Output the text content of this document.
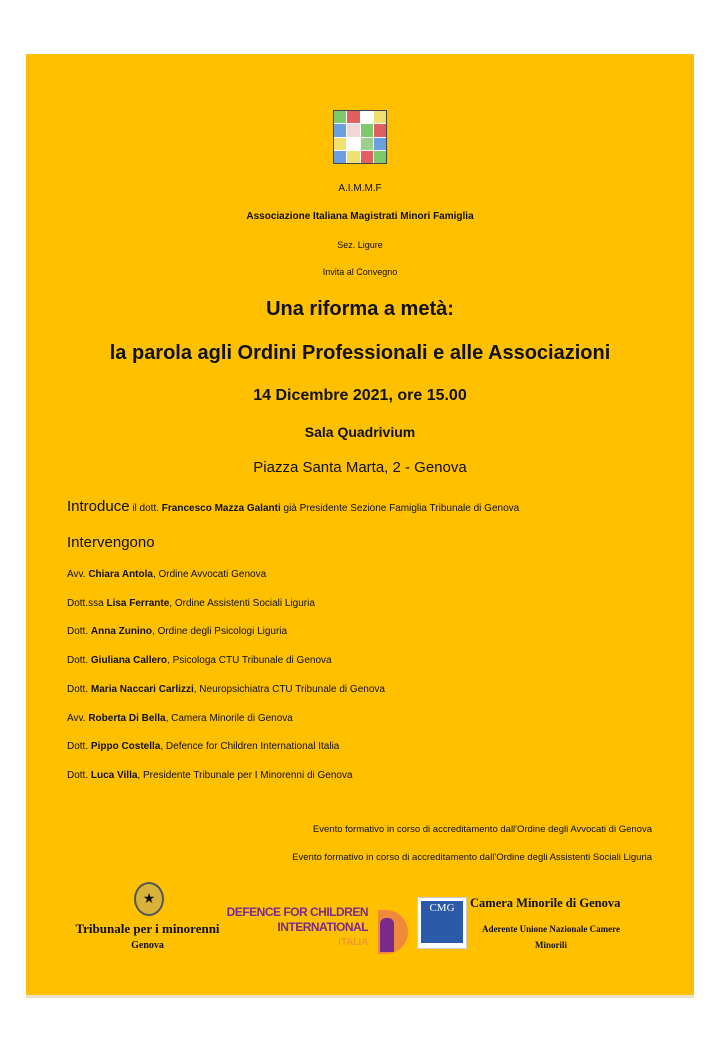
A.I.M.M.F
Associazione Italiana Magistrati Minori Famiglia
Sez. Ligure
Invita al Convegno
Una riforma a metà:
la parola agli Ordini Professionali e alle Associazioni
14 Dicembre 2021, ore 15.00
Sala Quadrivium
Piazza Santa Marta, 2 - Genova
Introduce il dott. Francesco Mazza Galanti già Presidente Sezione Famiglia Tribunale di Genova
Intervengono
Avv. Chiara Antola, Ordine Avvocati Genova
Dott.ssa Lisa Ferrante, Ordine Assistenti Sociali Liguria
Dott. Anna Zunino, Ordine degli Psicologi Liguria
Dott. Giuliana Callero, Psicologa CTU Tribunale di Genova
Dott. Maria Naccari Carlizzi, Neuropsichiatra CTU Tribunale di Genova
Avv. Roberta Di Bella, Camera Minorile di Genova
Dott. Pippo Costella, Defence for Children International Italia
Dott. Luca Villa, Presidente Tribunale per I Minorenni di Genova
Evento formativo in corso di accreditamento dall'Ordine degli Avvocati di Genova
Evento formativo in corso di accreditamento dall'Ordine degli Assistenti Sociali Liguria
★
Tribunale per i minorenni
Genova
DEFENCE FOR CHILDREN
INTERNATIONAL
ITALIA
CMG	Camera Minorile di Genova
Aderente Unione Nazionale Camere
Minorili
